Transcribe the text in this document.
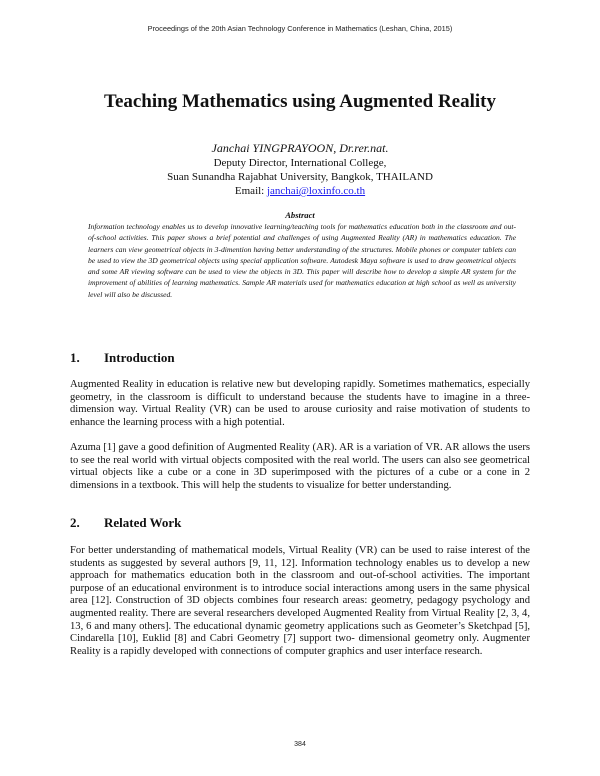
Proceedings of the 20th Asian Technology Conference in Mathematics (Leshan, China, 2015)
Teaching Mathematics using Augmented Reality
Janchai YINGPRAYOON, Dr.rer.nat.
Deputy Director, International College,
Suan Sunandha Rajabhat University, Bangkok, THAILAND
Email: janchai@loxinfo.co.th
Abstract
Information technology enables us to develop innovative learning/teaching tools for mathematics education both in the classroom and out-of-school activities. This paper shows a brief potential and challenges of using Augmented Reality (AR) in mathematics education. The learners can view geometrical objects in 3-dimention having better understanding of the structures. Mobile phones or computer tablets can be used to view the 3D geometrical objects using special application software. Autodesk Maya software is used to draw geometrical objects and some AR viewing software can be used to view the objects in 3D. This paper will describe how to develop a simple AR system for the improvement of abilities of learning mathematics. Sample AR materials used for mathematics education at high school as well as university level will also be discussed.
1. Introduction

Augmented Reality in education is relative new but developing rapidly. Sometimes mathematics, especially geometry, in the classroom is difficult to understand because the students have to imagine in a three-dimension way. Virtual Reality (VR) can be used to arouse curiosity and raise motivation of students to enhance the learning process with a high potential.

Azuma [1] gave a good definition of Augmented Reality (AR). AR is a variation of VR. AR allows the users to see the real world with virtual objects composited with the real world. The users can also see geometrical virtual objects like a cube or a cone in 3D superimposed with the pictures of a cube or a cone in 2 dimensions in a textbook. This will help the students to visualize for better understanding.

2. Related Work

For better understanding of mathematical models, Virtual Reality (VR) can be used to raise interest of the students as suggested by several authors [9, 11, 12]. Information technology enables us to develop a new approach for mathematics education both in the classroom and out-of-school activities. The important purpose of an educational environment is to introduce social interactions among users in the same physical area [12]. Construction of 3D objects combines four research areas: geometry, pedagogy psychology and augmented reality. There are several researchers developed Augmented Reality from Virtual Reality [2, 3, 4, 13, 6 and many others]. The educational dynamic geometry applications such as Geometer’s Sketchpad [5], Cindarella [10], Euklid [8] and Cabri Geometry [7] support two- dimensional geometry only. Augmenter Reality is a rapidly developed with connections of computer graphics and user interface research.

384
